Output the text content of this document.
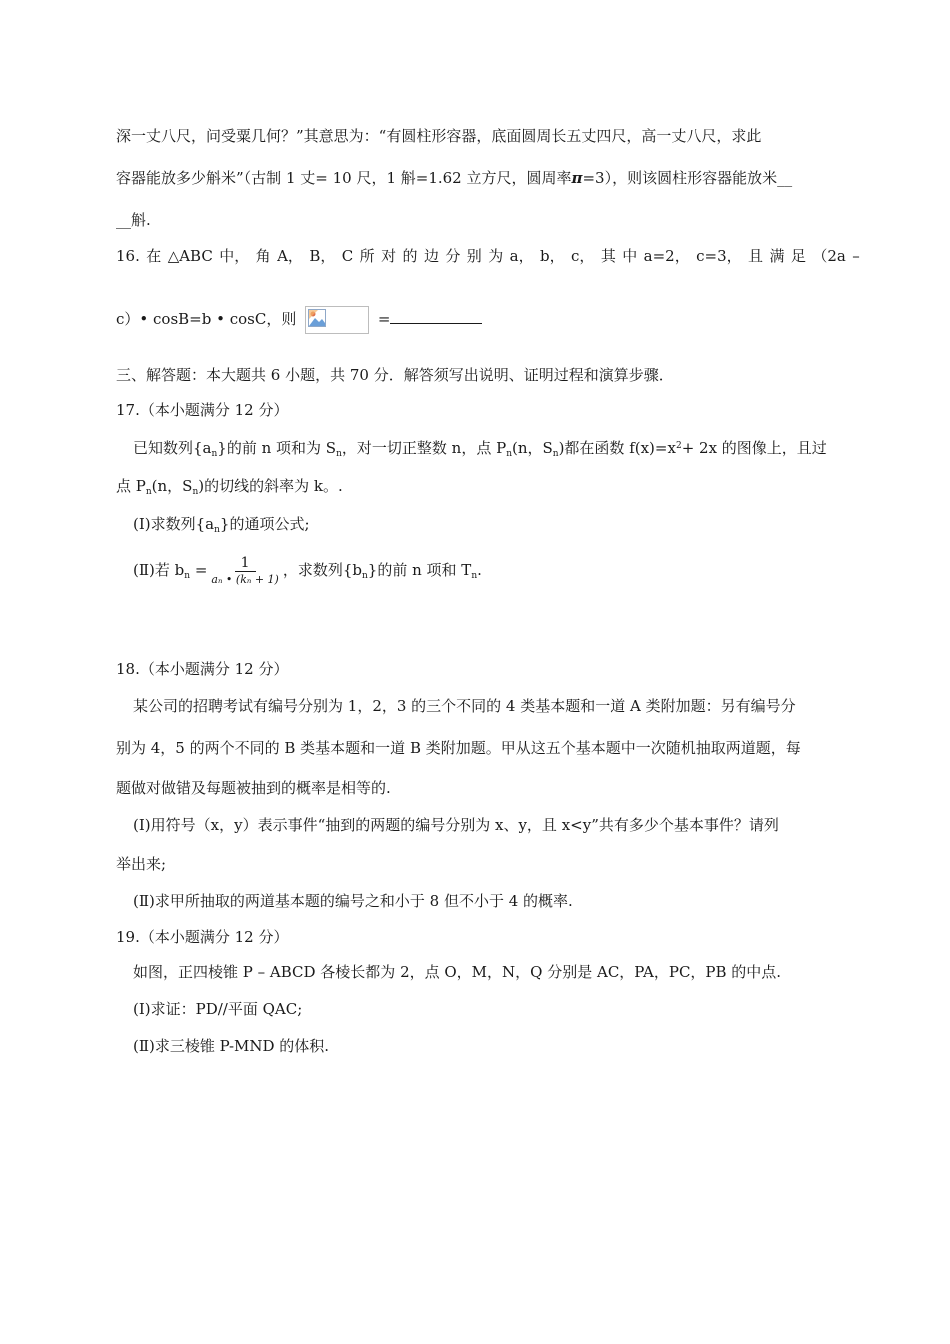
深一丈八尺，问受粟几何？”其意思为：“有圆柱形容器，底面圆周长五丈四尺，高一丈八尺，求此
容器能放多少斛米”（古制 1 丈= 10 尺，1 斛=1.62 立方尺，圆周率π=3），则该圆柱形容器能放米__
__斛.
16. 在 △ABC 中， 角 A， B， C 所 对 的 边 分 别 为 a， b， c， 其 中 a=2， c=3， 且 满 足 （2a –
c）• cosB=b • cosC，则	=
三、解答题：本大题共 6 小题，共 70 分．解答须写出说明、证明过程和演算步骤．
17.（本小题满分 12 分）
已知数列$\{a_n\}$的前 n 项和为 $S_n$，对一切正整数 n，点 $P_n(n$，$S_n$)都在函数 $f(x)=x^2+ 2x$ 的图像上，且过
点 $P_n(n$，$S_n$)的切线的斜率为 k。.
(I)求数列$\{a_n\}$的通项公式;
(Ⅱ)若 $b_n = \frac{1}{\text{aₙ • (kₙ + 1)}}$ ，求数列$\{b_n\}$的前 n 项和 $T_n$.
18.（本小题满分 12 分）
某公司的招聘考试有编号分别为 1，2，3 的三个不同的 4 类基本题和一道 A 类附加题：另有编号分
别为 4，5 的两个不同的 B 类基本题和一道 B 类附加题。甲从这五个基本题中一次随机抽取两道题，每
题做对做错及每题被抽到的概率是相等的.
(I)用符号（x，y）表示事件“抽到的两题的编号分别为 x、y，且 x<y”共有多少个基本事件？请列
举出来;
(Ⅱ)求甲所抽取的两道基本题的编号之和小于 8 但不小于 4 的概率.
19.（本小题满分 12 分）
如图，正四棱锥 P – ABCD 各棱长都为 2，点 O，M，N，Q 分别是 AC，PA，PC，PB 的中点.
(I)求证：PD//平面 QAC;
(Ⅱ)求三棱锥 P-MND 的体积.
